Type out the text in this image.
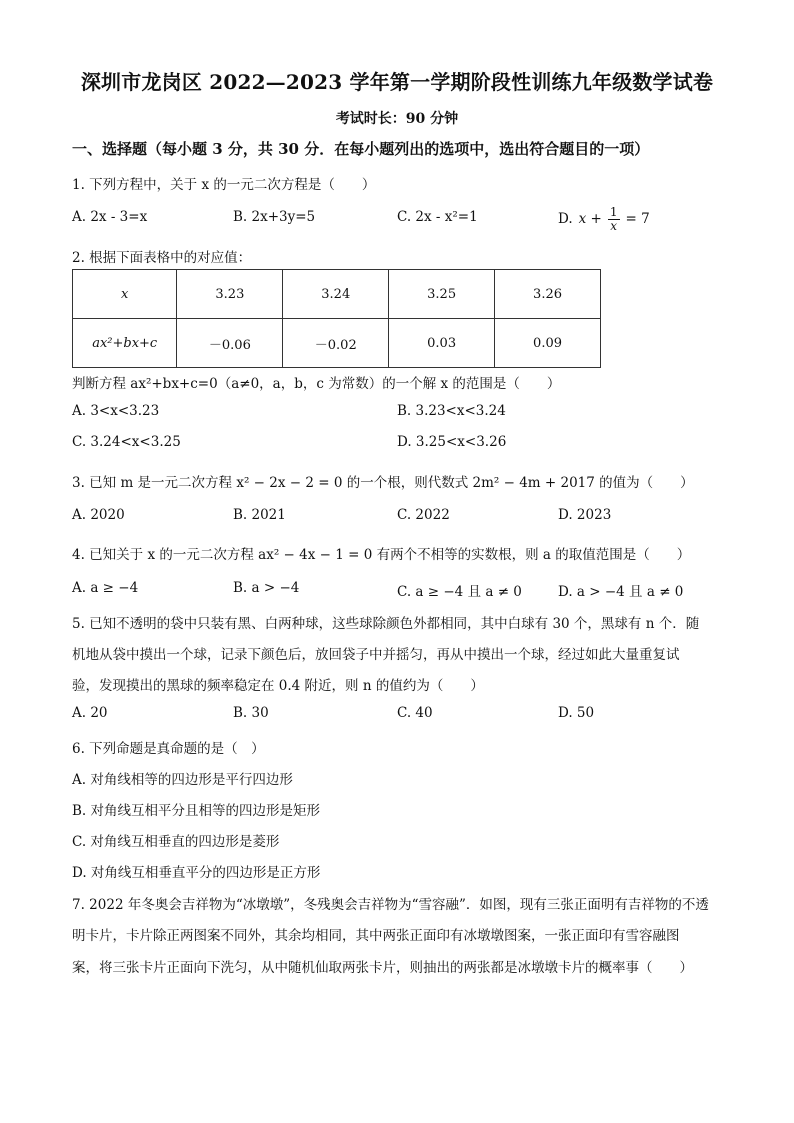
深圳市龙岗区 2022—2023 学年第一学期阶段性训练九年级数学试卷
考试时长：90 分钟
一、选择题（每小题 3 分，共 30 分．在每小题列出的选项中，选出符合题目的一项）
1. 下列方程中，关于 x 的一元二次方程是（　　）
A. 2x - 3=x	B. 2x+3y=5	C. 2x - x²=1	D. $x + \frac{1}{x} = 7$
2. 根据下面表格中的对应值：
x	3.23	3.24	3.25	3.26
ax²+bx+c	－0.06	－0.02	0.03	0.09
判断方程 ax²+bx+c=0（a≠0，a，b，c 为常数）的一个解 x 的范围是（　　）
A. 3<x<3.23	B. 3.23<x<3.24
C. 3.24<x<3.25	D. 3.25<x<3.26
3. 已知 m 是一元二次方程 x² − 2x − 2 = 0 的一个根，则代数式 2m² − 4m + 2017 的值为（　　）
A. 2020	B. 2021	C. 2022	D. 2023
4. 已知关于 x 的一元二次方程 ax² − 4x − 1 = 0 有两个不相等的实数根，则 a 的取值范围是（　　）
A. a ≥ −4	B. a > −4	C. a ≥ −4 且 a ≠ 0	D. a > −4 且 a ≠ 0
5. 已知不透明的袋中只装有黑、白两种球，这些球除颜色外都相同，其中白球有 30 个，黑球有 n 个．随
机地从袋中摸出一个球，记录下颜色后，放回袋子中并摇匀，再从中摸出一个球，经过如此大量重复试
验，发现摸出的黑球的频率稳定在 0.4 附近，则 n 的值约为（　　）
A. 20	B. 30	C. 40	D. 50
6. 下列命题是真命题的是（　）
A. 对角线相等的四边形是平行四边形
B. 对角线互相平分且相等的四边形是矩形
C. 对角线互相垂直的四边形是菱形
D. 对角线互相垂直平分的四边形是正方形
7. 2022 年冬奥会吉祥物为“冰墩墩”，冬残奥会吉祥物为“雪容融”．如图，现有三张正面明有吉祥物的不透
明卡片，卡片除正两图案不同外，其余均相同，其中两张正面印有冰墩墩图案，一张正面印有雪容融图
案，将三张卡片正面向下洗匀，从中随机仙取两张卡片，则抽出的两张都是冰墩墩卡片的概率事（　　）
